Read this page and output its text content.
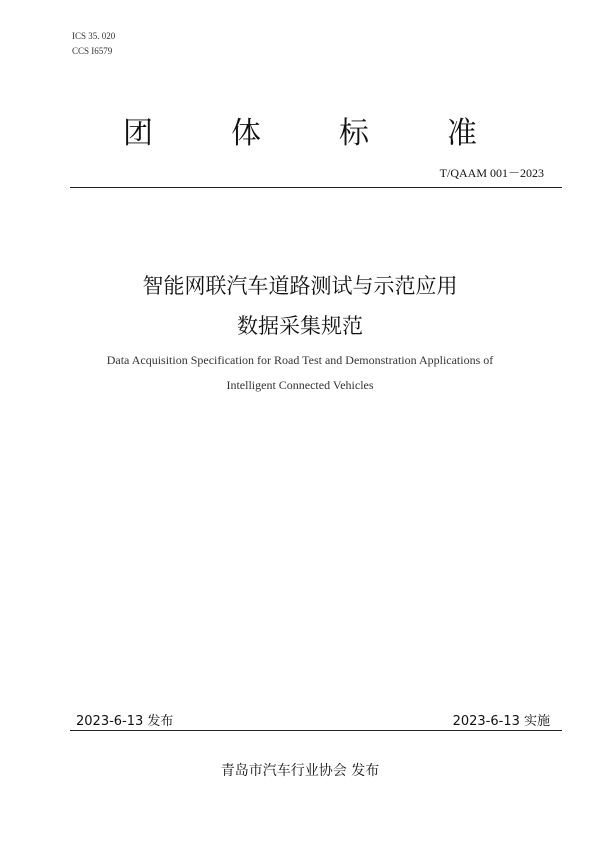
ICS 35. 020
CCS I6579
团	体	标	准
T/QAAM 001－2023
智能网联汽车道路测试与示范应用
数据采集规范
Data Acquisition Specification for Road Test and Demonstration Applications of
Intelligent Connected Vehicles
2023-6-13 发布	2023-6-13 实施
青岛市汽车行业协会 发布
